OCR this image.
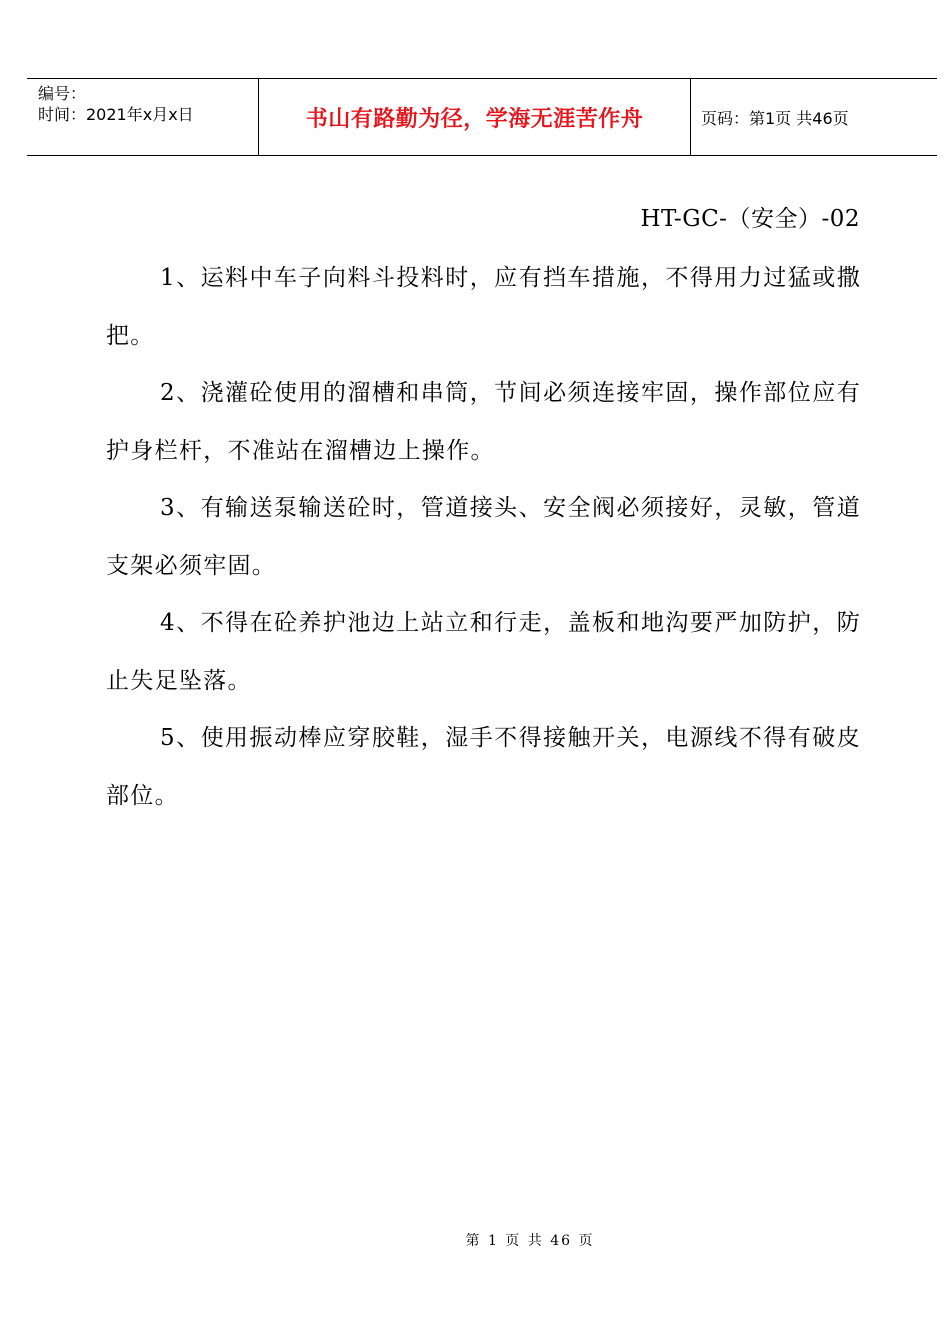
编号：
时间：2021年x月x日	书山有路勤为径，学海无涯苦作舟	页码：第1页 共46页
HT-GC-（安全）-02

1、运料中车子向料斗投料时，应有挡车措施，不得用力过猛或撒把。

2、浇灌砼使用的溜槽和串筒，节间必须连接牢固，操作部位应有护身栏杆，不准站在溜槽边上操作。

3、有输送泵输送砼时，管道接头、安全阀必须接好，灵敏，管道支架必须牢固。

4、不得在砼养护池边上站立和行走，盖板和地沟要严加防护，防止失足坠落。

5、使用振动棒应穿胶鞋，湿手不得接触开关，电源线不得有破皮部位。

第 1 页 共 46 页
